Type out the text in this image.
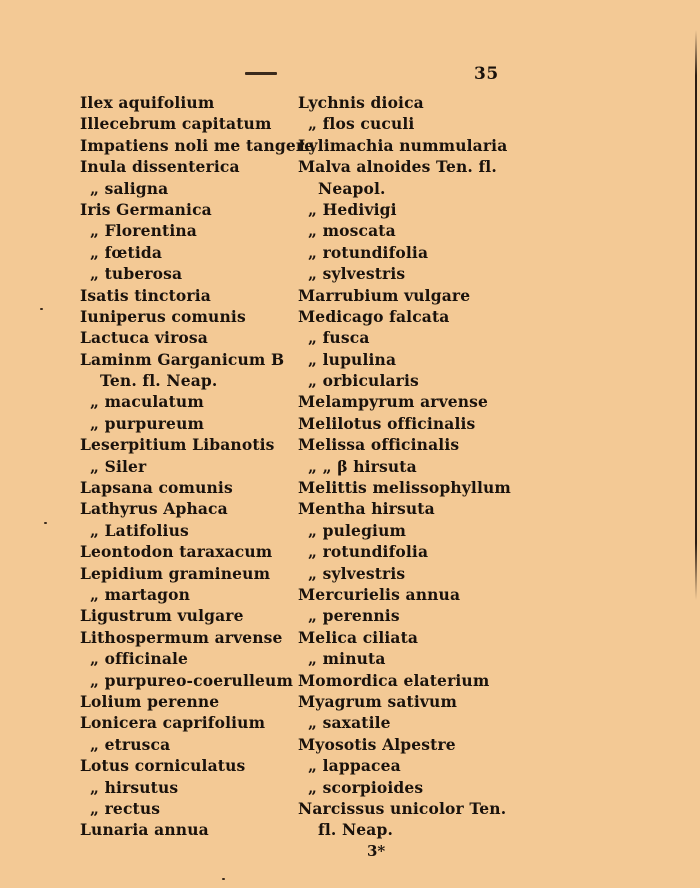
35
Ilex aquifolium
Illecebrum capitatum
Impatiens noli me tangere
Inula dissenterica
„ saligna
Iris Germanica
„ Florentina
„ fœtida
„ tuberosa
Isatis tinctoria
Iuniperus comunis
Lactuca virosa
Laminm Garganicum B
Ten. fl. Neap.
„ maculatum
„ purpureum
Leserpitium Libanotis
„ Siler
Lapsana comunis
Lathyrus Aphaca
„ Latifolius
Leontodon taraxacum
Lepidium gramineum
„ martagon
Ligustrum vulgare
Lithospermum arvense
„ officinale
„ purpureo-coerulleum
Lolium perenne
Lonicera caprifolium
„ etrusca
Lotus corniculatus
„ hirsutus
„ rectus
Lunaria annua
Lychnis dioica
„ flos cuculi
Lylimachia nummularia
Malva alnoides Ten. fl.
Neapol.
„ Hedivigi
„ moscata
„ rotundifolia
„ sylvestris
Marrubium vulgare
Medicago falcata
„ fusca
„ lupulina
„ orbicularis
Melampyrum arvense
Melilotus officinalis
Melissa officinalis
„ „ β hirsuta
Melittis melissophyllum
Mentha hirsuta
„ pulegium
„ rotundifolia
„ sylvestris
Mercurielis annua
„ perennis
Melica ciliata
„ minuta
Momordica elaterium
Myagrum sativum
„ saxatile
Myosotis Alpestre
„ lappacea
„ scorpioides
Narcissus unicolor Ten.
fl. Neap.
3*
